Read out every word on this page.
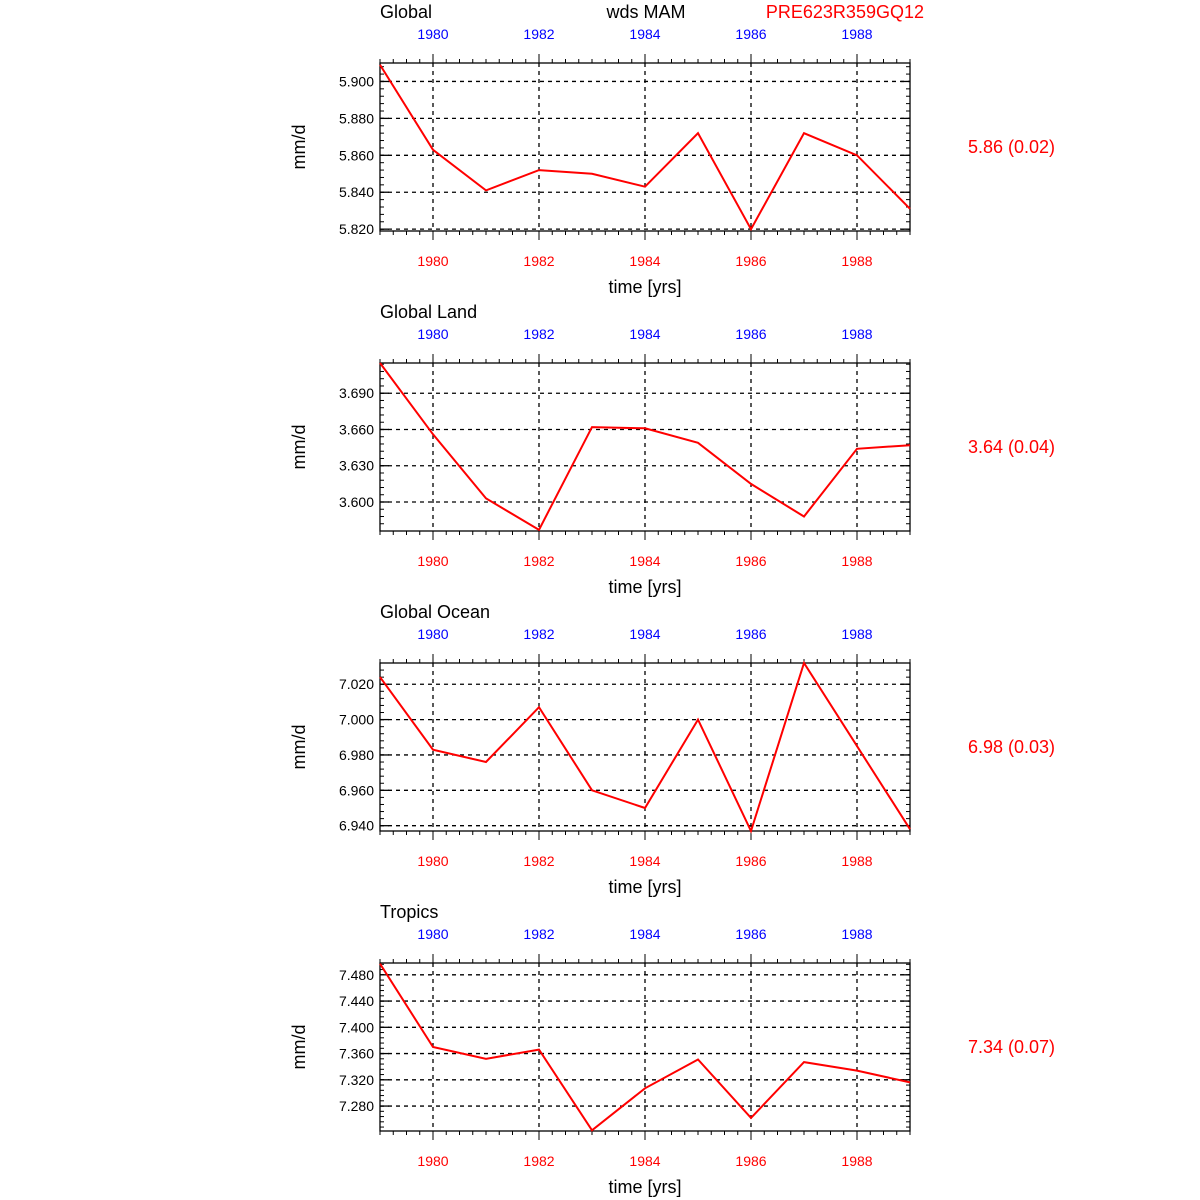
wds MAM	PRE623R359GQ12
Global
5.820
5.840
5.860
5.880
5.900
1980
1980
1982
1982
1984
1984
1986
1986
1988
1988
time [yrs]
mm/d	5.86 (0.02)
Global Land
3.600
3.630
3.660
3.690
1980
1980
1982
1982
1984
1984
1986
1986
1988
1988
time [yrs]
mm/d	3.64 (0.04)
Global Ocean
6.940
6.960
6.980
7.000
7.020
1980
1980
1982
1982
1984
1984
1986
1986
1988
1988
time [yrs]
mm/d	6.98 (0.03)
Tropics
7.280
7.320
7.360
7.400
7.440
7.480
1980
1980
1982
1982
1984
1984
1986
1986
1988
1988
time [yrs]
mm/d	7.34 (0.07)
